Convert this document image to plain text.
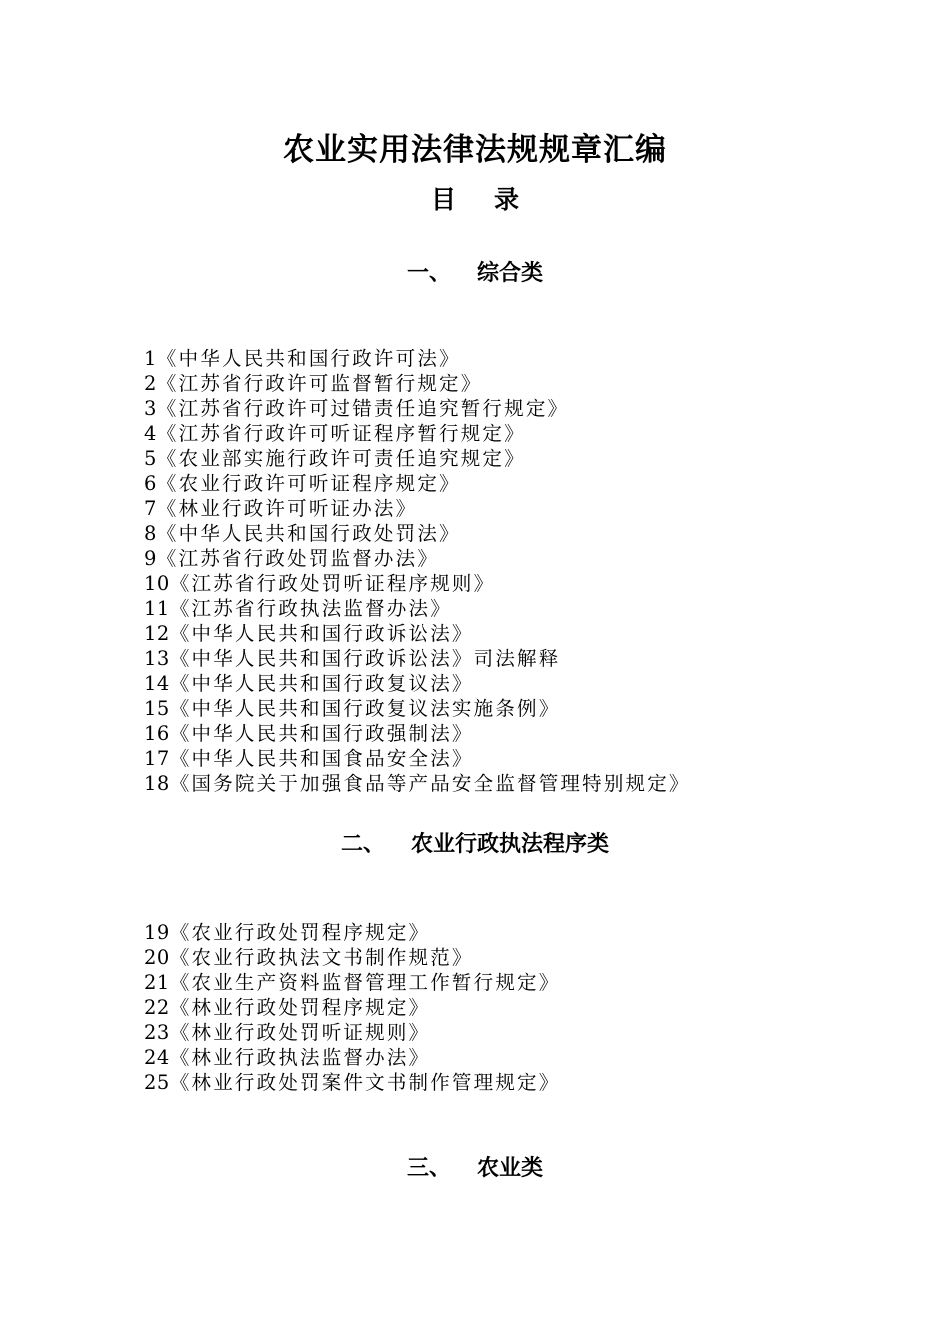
农业实用法律法规规章汇编
目 录
一、 综合类
1《中华人民共和国行政许可法》
2《江苏省行政许可监督暂行规定》
3《江苏省行政许可过错责任追究暂行规定》
4《江苏省行政许可听证程序暂行规定》
5《农业部实施行政许可责任追究规定》
6《农业行政许可听证程序规定》
7《林业行政许可听证办法》
8《中华人民共和国行政处罚法》
9《江苏省行政处罚监督办法》
10《江苏省行政处罚听证程序规则》
11《江苏省行政执法监督办法》
12《中华人民共和国行政诉讼法》
13《中华人民共和国行政诉讼法》司法解释
14《中华人民共和国行政复议法》
15《中华人民共和国行政复议法实施条例》
16《中华人民共和国行政强制法》
17《中华人民共和国食品安全法》
18《国务院关于加强食品等产品安全监督管理特别规定》
二、 农业行政执法程序类
19《农业行政处罚程序规定》
20《农业行政执法文书制作规范》
21《农业生产资料监督管理工作暂行规定》
22《林业行政处罚程序规定》
23《林业行政处罚听证规则》
24《林业行政执法监督办法》
25《林业行政处罚案件文书制作管理规定》
三、 农业类
